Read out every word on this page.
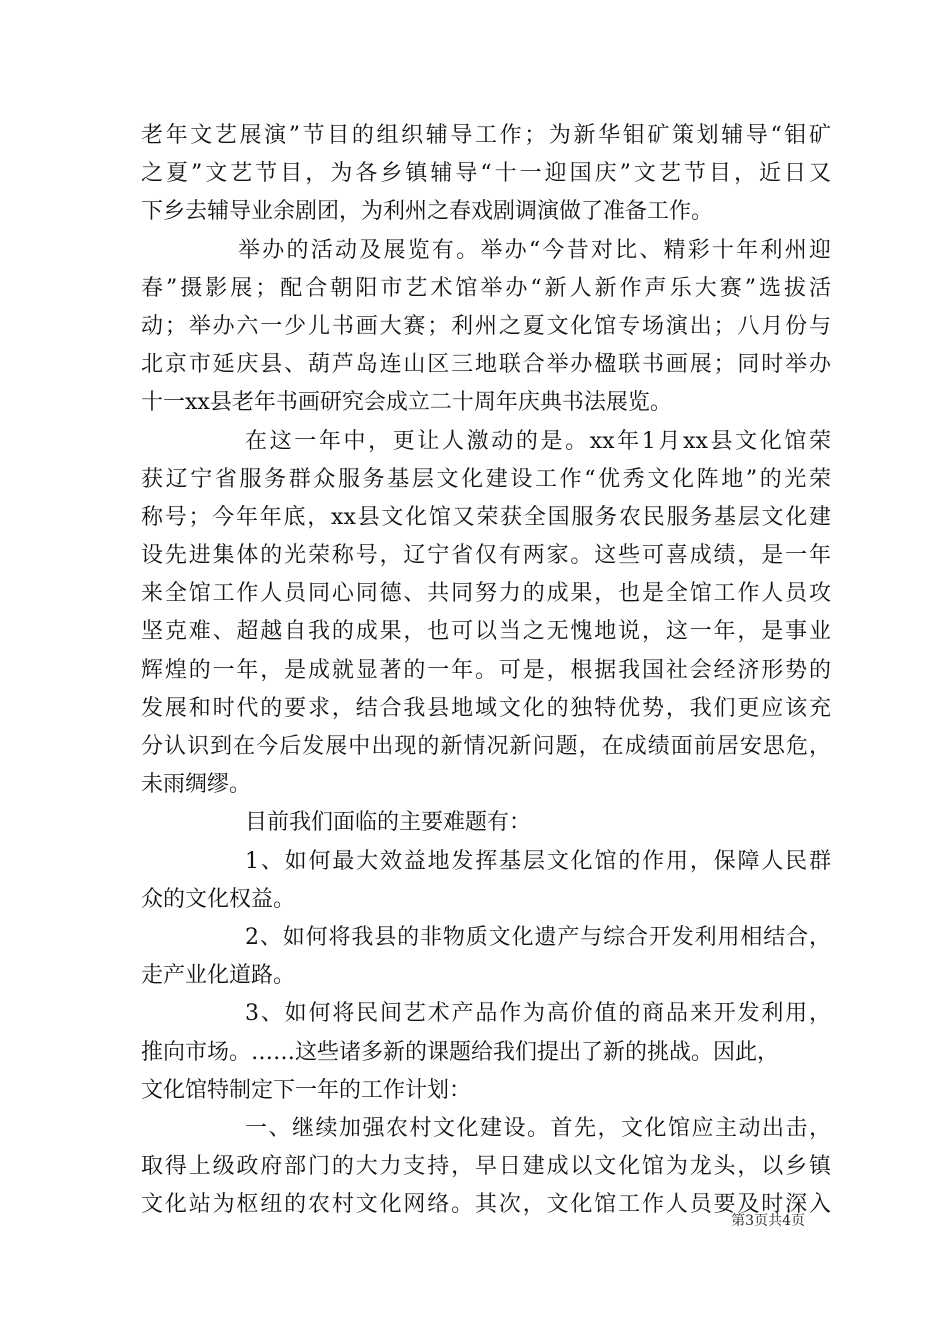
老年文艺展演”节目的组织辅导工作；为新华钼矿策划辅导“钼矿
之夏”文艺节目，为各乡镇辅导“十一迎国庆”文艺节目，近日又
下乡去辅导业余剧团，为利州之春戏剧调演做了准备工作。
举办的活动及展览有。举办“今昔对比、精彩十年利州迎
春”摄影展；配合朝阳市艺术馆举办“新人新作声乐大赛”选拔活
动；举办六一少儿书画大赛；利州之夏文化馆专场演出；八月份与
北京市延庆县、葫芦岛连山区三地联合举办楹联书画展；同时举办
十一xx县老年书画研究会成立二十周年庆典书法展览。
在这一年中，更让人激动的是。xx年1月xx县文化馆荣
获辽宁省服务群众服务基层文化建设工作“优秀文化阵地”的光荣
称号；今年年底，xx县文化馆又荣获全国服务农民服务基层文化建
设先进集体的光荣称号，辽宁省仅有两家。这些可喜成绩，是一年
来全馆工作人员同心同德、共同努力的成果，也是全馆工作人员攻
坚克难、超越自我的成果，也可以当之无愧地说，这一年，是事业
辉煌的一年，是成就显著的一年。可是，根据我国社会经济形势的
发展和时代的要求，结合我县地域文化的独特优势，我们更应该充
分认识到在今后发展中出现的新情况新问题，在成绩面前居安思危，
未雨绸缪。
目前我们面临的主要难题有：
1、如何最大效益地发挥基层文化馆的作用，保障人民群
众的文化权益。
2、如何将我县的非物质文化遗产与综合开发利用相结合，
走产业化道路。
3、如何将民间艺术产品作为高价值的商品来开发利用，
推向市场。……这些诸多新的课题给我们提出了新的挑战。因此，
文化馆特制定下一年的工作计划：
一、继续加强农村文化建设。首先，文化馆应主动出击，
取得上级政府部门的大力支持，早日建成以文化馆为龙头，以乡镇
文化站为枢纽的农村文化网络。其次，文化馆工作人员要及时深入
第3页共4页
